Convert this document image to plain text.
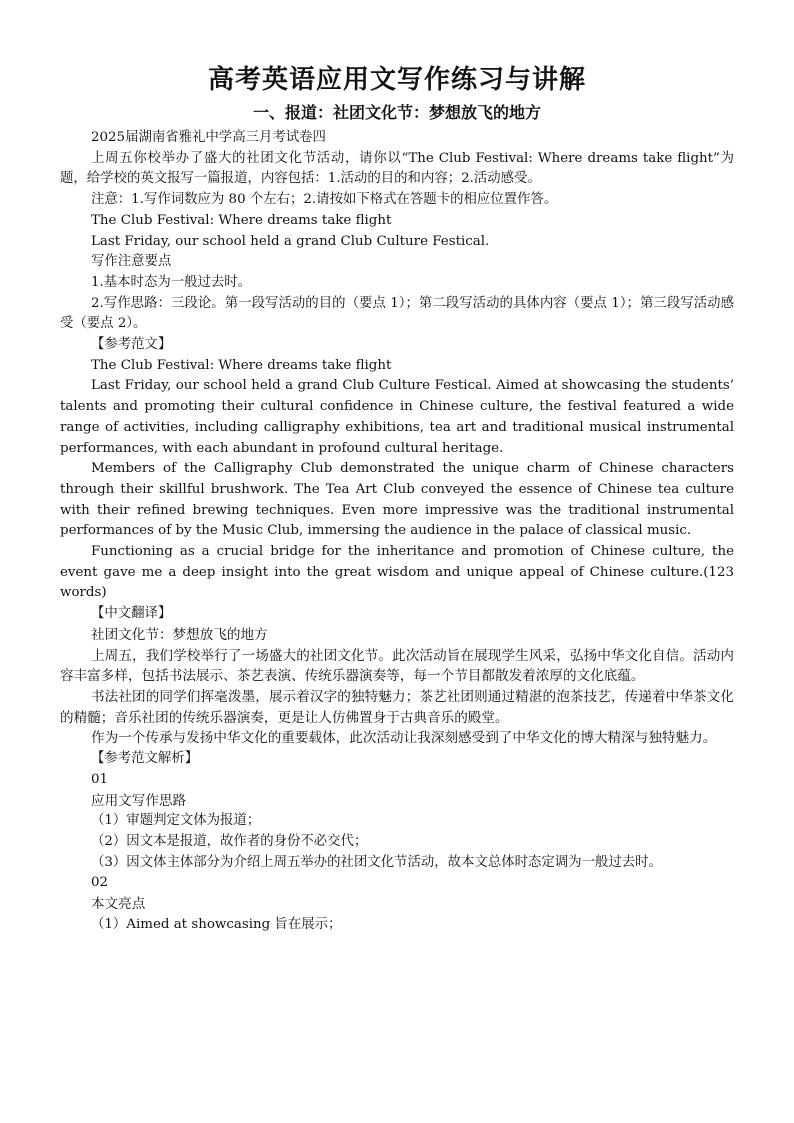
高考英语应用文写作练习与讲解
一、报道：社团文化节：梦想放飞的地方

2025届湖南省雅礼中学高三月考试卷四

上周五你校举办了盛大的社团文化节活动，请你以“The Club Festival: Where dreams take flight”为题，给学校的英文报写一篇报道，内容包括：1.活动的目的和内容；2.活动感受。

注意：1.写作词数应为 80 个左右；2.请按如下格式在答题卡的相应位置作答。

The Club Festival: Where dreams take flight

Last Friday, our school held a grand Club Culture Festical.

写作注意要点

1.基本时态为一般过去时。

2.写作思路：三段论。第一段写活动的目的（要点 1）；第二段写活动的具体内容（要点 1）；第三段写活动感受（要点 2）。

【参考范文】

The Club Festival: Where dreams take flight

Last Friday, our school held a grand Club Culture Festical. Aimed at showcasing the students’ talents and promoting their cultural confidence in Chinese culture, the festival featured a wide range of activities, including calligraphy exhibitions, tea art and traditional musical instrumental performances, with each abundant in profound cultural heritage.

Members of the Calligraphy Club demonstrated the unique charm of Chinese characters through their skillful brushwork. The Tea Art Club conveyed the essence of Chinese tea culture with their refined brewing techniques. Even more impressive was the traditional instrumental performances of by the Music Club, immersing the audience in the palace of classical music.

Functioning as a crucial bridge for the inheritance and promotion of Chinese culture, the event gave me a deep insight into the great wisdom and unique appeal of Chinese culture.(123 words)

【中文翻译】

社团文化节：梦想放飞的地方

上周五，我们学校举行了一场盛大的社团文化节。此次活动旨在展现学生风采，弘扬中华文化自信。活动内容丰富多样，包括书法展示、茶艺表演、传统乐器演奏等，每一个节目都散发着浓厚的文化底蕴。

书法社团的同学们挥毫泼墨，展示着汉字的独特魅力；茶艺社团则通过精湛的泡茶技艺，传递着中华茶文化的精髓；音乐社团的传统乐器演奏，更是让人仿佛置身于古典音乐的殿堂。

作为一个传承与发扬中华文化的重要载体，此次活动让我深刻感受到了中华文化的博大精深与独特魅力。

【参考范文解析】

01

应用文写作思路

（1）审题判定文体为报道；

（2）因文本是报道，故作者的身份不必交代；

（3）因文体主体部分为介绍上周五举办的社团文化节活动，故本文总体时态定调为一般过去时。

02

本文亮点

（1）Aimed at showcasing 旨在展示；
